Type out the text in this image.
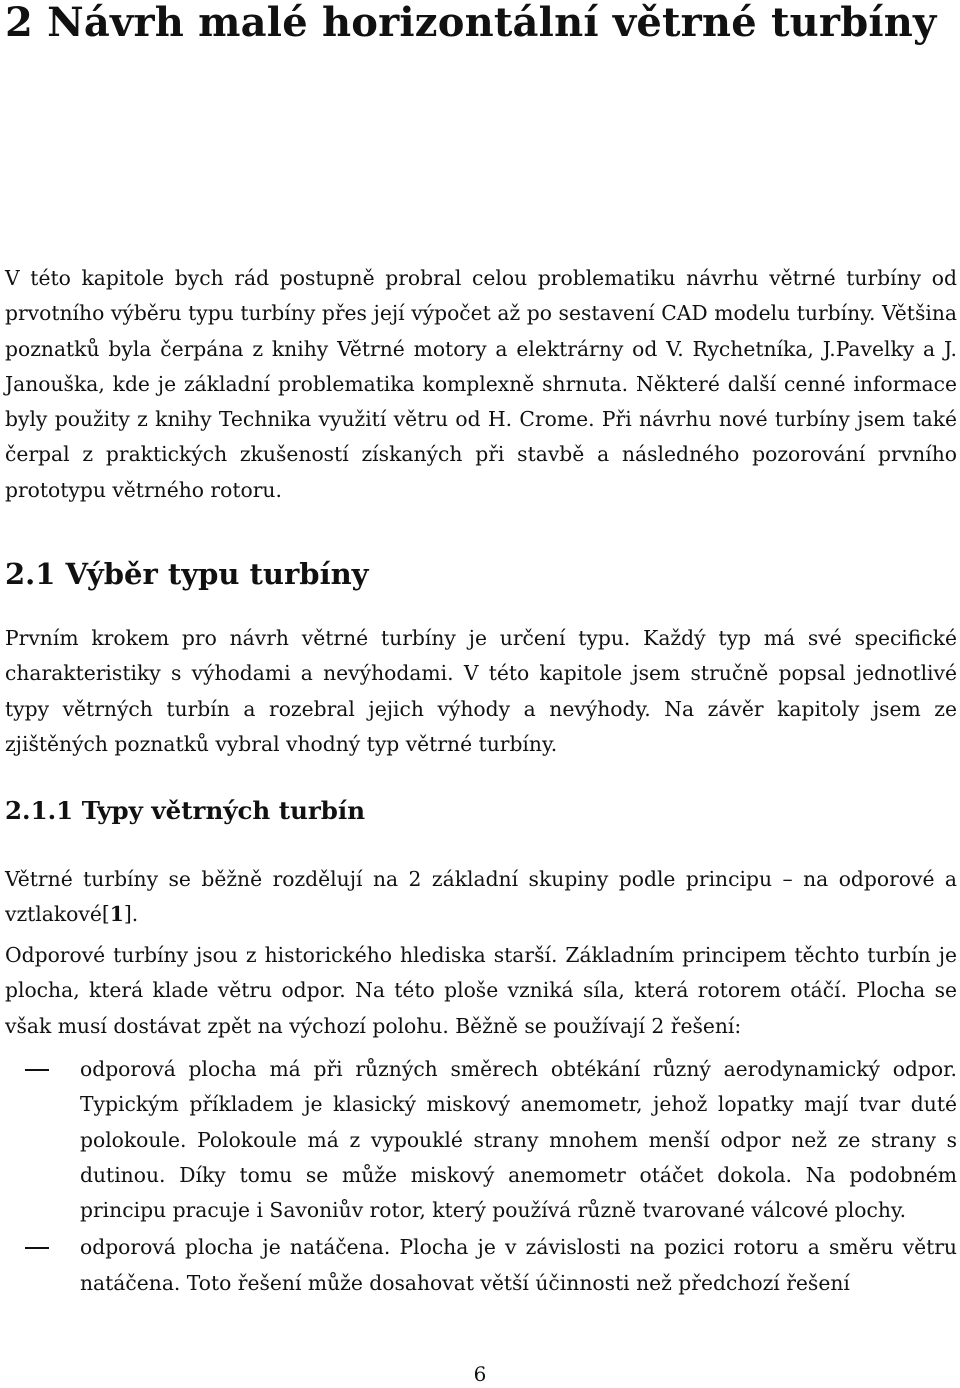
2 Návrh malé horizontální větrné turbíny

V této kapitole bych rád postupně probral celou problematiku návrhu větrné turbíny od prvotního výběru typu turbíny přes její výpočet až po sestavení CAD modelu turbíny. Většina poznatků byla čerpána z knihy Větrné motory a elektrárny od V. Rychetníka, J.Pavelky a J. Janouška, kde je základní problematika komplexně shrnuta. Některé další cenné informace byly použity z knihy Technika využití větru od H. Crome. Při návrhu nové turbíny jsem také čerpal z praktických zkušeností získaných při stavbě a následného pozorování prvního prototypu větrného rotoru.

2.1 Výběr typu turbíny

Prvním krokem pro návrh větrné turbíny je určení typu. Každý typ má své specifické charakteristiky s výhodami a nevýhodami. V této kapitole jsem stručně popsal jednotlivé typy větrných turbín a rozebral jejich výhody a nevýhody. Na závěr kapitoly jsem ze zjištěných poznatků vybral vhodný typ větrné turbíny.

2.1.1 Typy větrných turbín

Větrné turbíny se běžně rozdělují na 2 základní skupiny podle principu – na odporové a vztlakové[1].

Odporové turbíny jsou z historického hlediska starší. Základním principem těchto turbín je plocha, která klade větru odpor. Na této ploše vzniká síla, která rotorem otáčí. Plocha se však musí dostávat zpět na výchozí polohu. Běžně se používají 2 řešení:

odporová plocha má při různých směrech obtékání různý aerodynamický odpor. Typickým příkladem je klasický miskový anemometr, jehož lopatky mají tvar duté polokoule. Polokoule má z vypouklé strany mnohem menší odpor než ze strany s dutinou. Díky tomu se může miskový anemometr otáčet dokola. Na podobném principu pracuje i Savoniův rotor, který používá různě tvarované válcové plochy.
odporová plocha je natáčena. Plocha je v závislosti na pozici rotoru a směru větru natáčena. Toto řešení může dosahovat větší účinnosti než předchozí řešení
6
